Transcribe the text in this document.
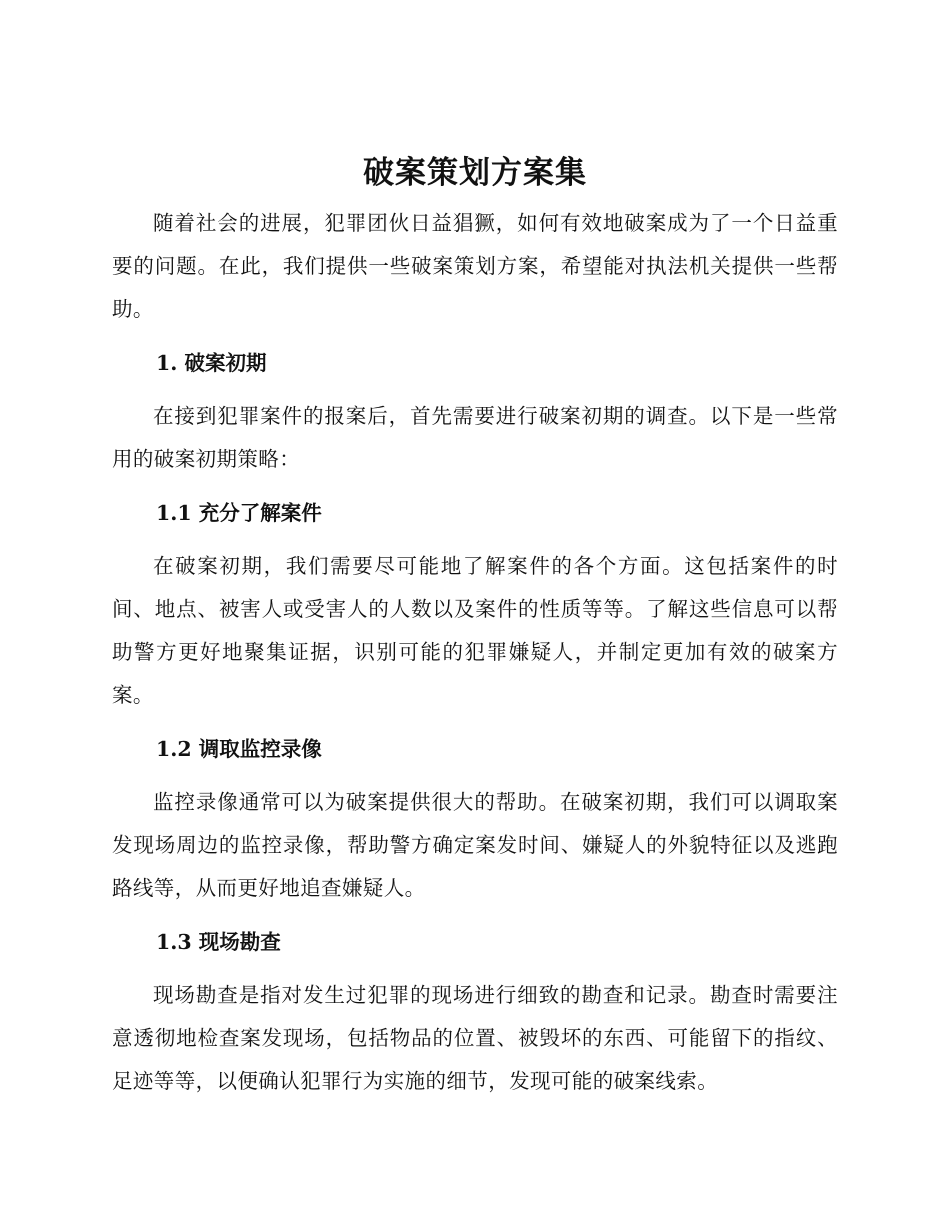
破案策划方案集

随着社会的进展，犯罪团伙日益猖獗，如何有效地破案成为了一个日益重要的问题。在此，我们提供一些破案策划方案，希望能对执法机关提供一些帮助。

1. 破案初期

在接到犯罪案件的报案后，首先需要进行破案初期的调查。以下是一些常用的破案初期策略：

1.1 充分了解案件

在破案初期，我们需要尽可能地了解案件的各个方面。这包括案件的时间、地点、被害人或受害人的人数以及案件的性质等等。了解这些信息可以帮助警方更好地聚集证据，识别可能的犯罪嫌疑人，并制定更加有效的破案方案。

1.2 调取监控录像

监控录像通常可以为破案提供很大的帮助。在破案初期，我们可以调取案发现场周边的监控录像，帮助警方确定案发时间、嫌疑人的外貌特征以及逃跑路线等，从而更好地追查嫌疑人。

1.3 现场勘查

现场勘查是指对发生过犯罪的现场进行细致的勘查和记录。勘查时需要注意透彻地检查案发现场，包括物品的位置、被毁坏的东西、可能留下的指纹、足迹等等，以便确认犯罪行为实施的细节，发现可能的破案线索。
